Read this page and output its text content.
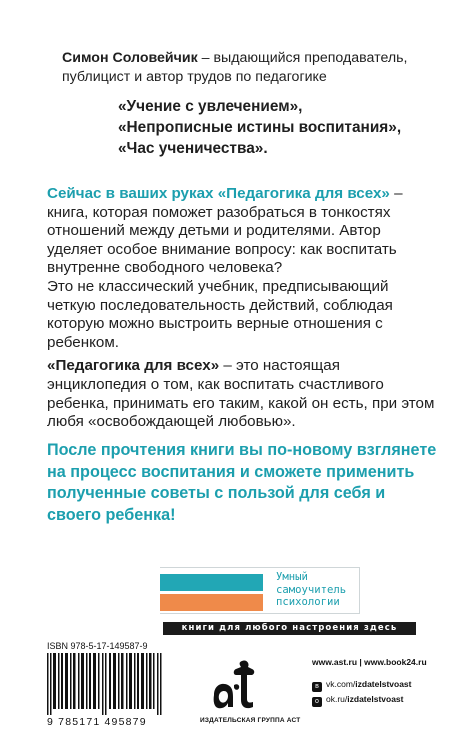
Симон Соловейчик – выдающийся преподаватель,
публицист и автор трудов по педагогике
«Учение с увлечением»,
«Непрописные истины воспитания»,
«Час ученичества».
Сейчас в ваших руках «Педагогика для всех» – книга, которая поможет разобраться в тонкостях отношений между детьми и родителями. Автор уделяет особое внимание вопросу: как воспитать внутренне свободного человека?
Это не классический учебник, предписывающий четкую последовательность действий, соблюдая которую можно выстроить верные отношения с ребенком.
«Педагогика для всех» – это настоящая энциклопедия о том, как воспитать счастливого ребенка, принимать его таким, какой он есть, при этом любя «освобождающей любовью».
После прочтения книги вы по-новому взглянете на процесс воспитания и сможете применить полученные советы с пользой для себя и своего ребенка!
Умный
самоучитель
психологии
книги для любого настроения здесь
ISBN 978-5-17-149587-9
9 785171 495879	ИЗДАТЕЛЬСКАЯ ГРУППА АСТ
www.ast.ru | www.book24.ru
в vk.com/izdatelstvoast
о ok.ru/izdatelstvoast
